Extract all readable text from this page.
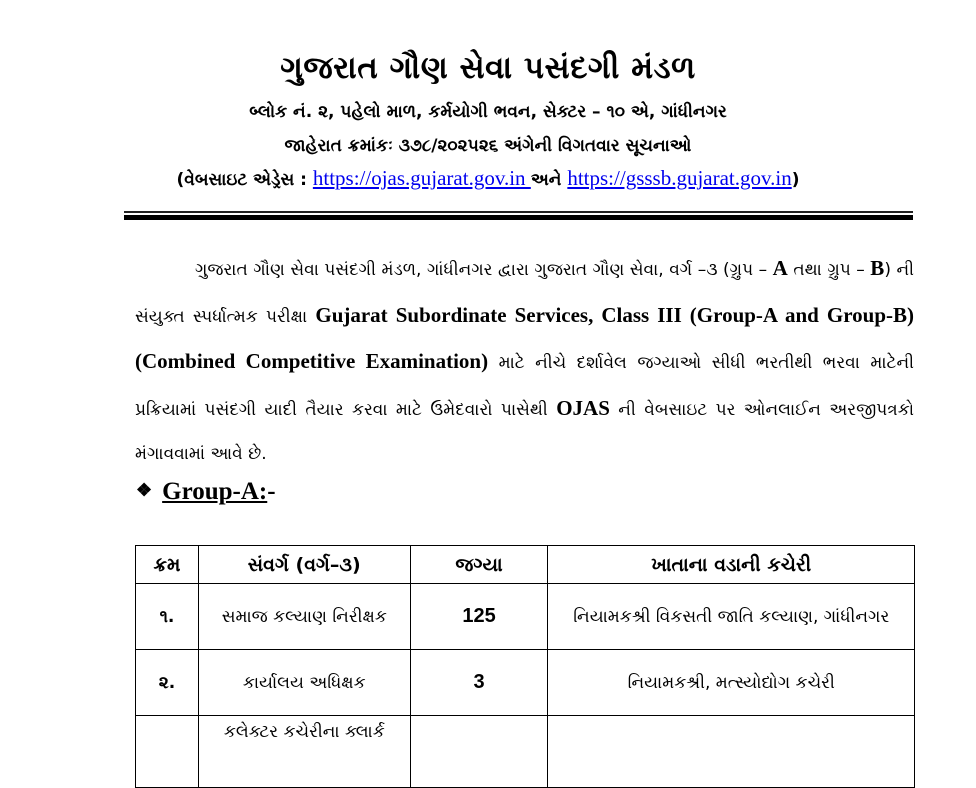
ગુજરાત ગૌણ સેવા પસંદગી મંડળ
બ્લોક નં. ૨, પહેલો માળ, કર્મયોગી ભવન, સેક્ટર – ૧૦ એ, ગાંધીનગર
જાહેરાત ક્રમાંકઃ ૩૭૮/૨૦૨૫૨૬ અંગેની વિગતવાર સૂચનાઓ
(વેબસાઇટ એડ્રેસ : https://ojas.gujarat.gov.in અને https://gsssb.gujarat.gov.in)
ગુજરાત ગૌણ સેવા પસંદગી મંડળ, ગાંધીનગર દ્વારા ગુજરાત ગૌણ સેવા, વર્ગ –૩ (ગ્રુપ – A તથા ગ્રુપ – B) ની સંયુક્ત સ્પર્ધાત્મક પરીક્ષા Gujarat Subordinate Services, Class III (Group-A and Group-B) (Combined Competitive Examination) માટે નીચે દર્શાવેલ જગ્યાઓ સીધી ભરતીથી ભરવા માટેની પ્રક્રિયામાં પસંદગી યાદી તૈયાર કરવા માટે ઉમેદવારો પાસેથી OJAS ની વેબસાઇટ પર ઓનલાઈન અરજીપત્રકો મંગાવવામાં આવે છે.
❖ Group-A:-
ક્રમ	સંવર્ગ (વર્ગ–૩)	જગ્યા	ખાતાના વડાની કચેરી
૧.	સમાજ કલ્યાણ નિરીક્ષક	125	નિયામકશ્રી વિકસતી જાતિ કલ્યાણ, ગાંધીનગર
૨.	કાર્યાલય અધિક્ષક	3	નિયામકશ્રી, મત્સ્યોદ્યોગ કચેરી
	કલેક્ટર કચેરીના ક્લાર્ક		
